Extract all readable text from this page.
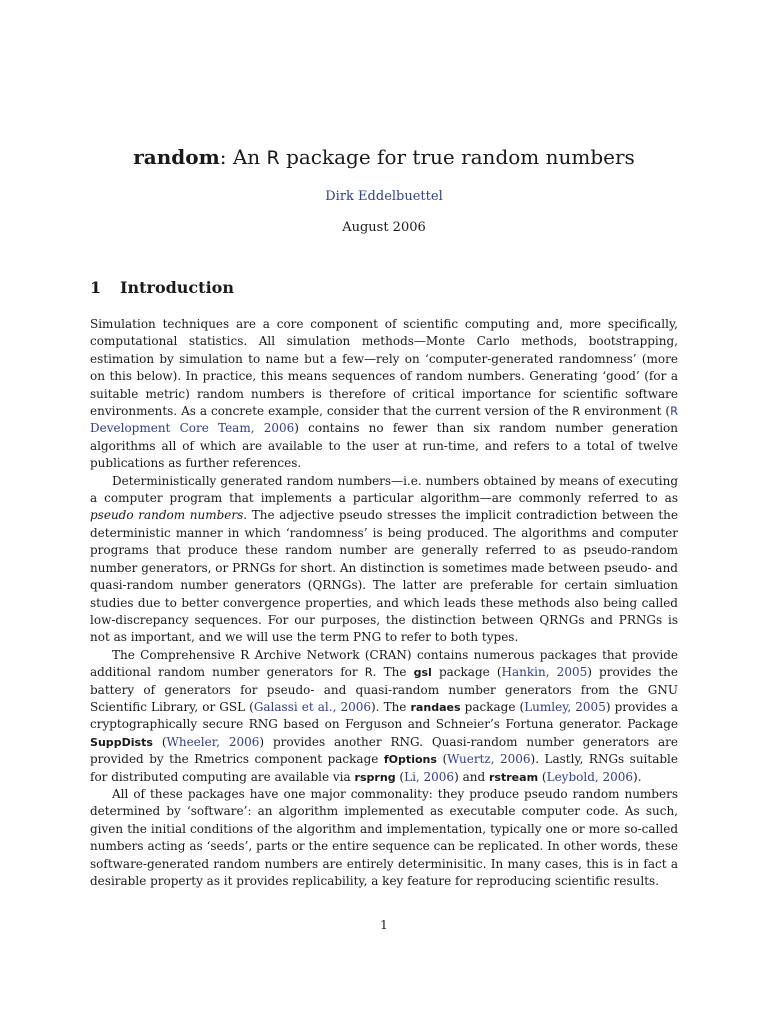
random: An R package for true random numbers
Dirk Eddelbuettel
August 2006
1 Introduction

Simulation techniques are a core component of scientific computing and, more specifically, computational statistics. All simulation methods—Monte Carlo methods, bootstrapping, estimation by simulation to name but a few—rely on ‘computer-generated randomness’ (more on this below). In practice, this means sequences of random numbers. Generating ‘good’ (for a suitable metric) random numbers is therefore of critical importance for scientific software environments. As a concrete example, consider that the current version of the R environment (R Development Core Team, 2006) contains no fewer than six random number generation algorithms all of which are available to the user at run-time, and refers to a total of twelve publications as further references.

Deterministically generated random numbers—i.e. numbers obtained by means of executing a computer program that implements a particular algorithm—are commonly referred to as pseudo random numbers. The adjective pseudo stresses the implicit contradiction between the deterministic manner in which ‘randomness’ is being produced. The algorithms and computer programs that produce these random number are generally referred to as pseudo-random number generators, or PRNGs for short. An distinction is sometimes made between pseudo- and quasi-random number generators (QRNGs). The latter are preferable for certain simluation studies due to better convergence properties, and which leads these methods also being called low-discrepancy sequences. For our purposes, the distinction between QRNGs and PRNGs is not as important, and we will use the term PNG to refer to both types.

The Comprehensive R Archive Network (CRAN) contains numerous packages that provide additional random number generators for R. The gsl package (Hankin, 2005) provides the battery of generators for pseudo- and quasi-random number generators from the GNU Scientific Library, or GSL (Galassi et al., 2006). The randaes package (Lumley, 2005) provides a cryptographically secure RNG based on Ferguson and Schneier’s Fortuna generator. Package SuppDists (Wheeler, 2006) provides another RNG. Quasi-random number generators are provided by the Rmetrics component package fOptions (Wuertz, 2006). Lastly, RNGs suitable for distributed computing are available via rsprng (Li, 2006) and rstream (Leybold, 2006).

All of these packages have one major commonality: they produce pseudo random numbers determined by ‘software’: an algorithm implemented as executable computer code. As such, given the initial conditions of the algorithm and implementation, typically one or more so-called numbers acting as ‘seeds’, parts or the entire sequence can be replicated. In other words, these software-generated random numbers are entirely determinisitic. In many cases, this is in fact a desirable property as it provides replicability, a key feature for reproducing scientific results.

1
